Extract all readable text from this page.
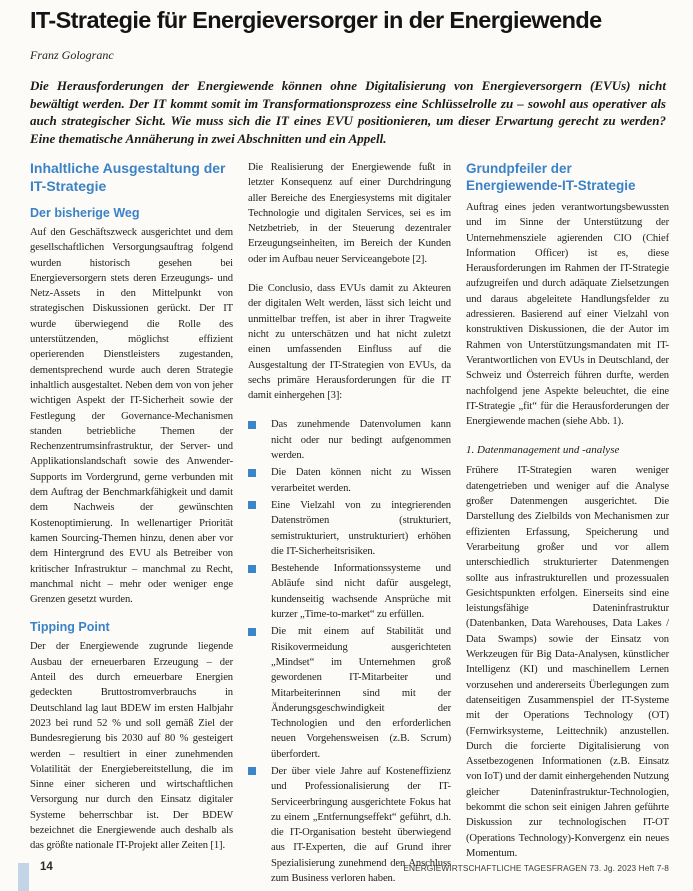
IT-Strategie für Energieversorger in der Energiewende
Franz Gologranc

Die Herausforderungen der Energiewende können ohne Digitalisierung von Energieversorgern (EVUs) nicht bewältigt werden. Der IT kommt somit im Transformationsprozess eine Schlüsselrolle zu – sowohl aus operativer als auch strategischer Sicht. Wie muss sich die IT eines EVU positionieren, um dieser Erwartung gerecht zu werden? Eine thematische Annäherung in zwei Abschnitten und ein Appell.

Inhaltliche Ausgestaltung der IT-Strategie
Der bisherige Weg

Auf den Geschäftszweck ausgerichtet und dem gesellschaftlichen Versorgungsauftrag folgend wurden historisch gesehen bei Energieversorgern stets deren Erzeugungs- und Netz-Assets in den Mittelpunkt von strategischen Diskussionen gerückt. Der IT wurde überwiegend die Rolle des unterstützenden, möglichst effizient operierenden Dienstleisters zugestanden, dementsprechend wurde auch deren Strategie inhaltlich ausgestaltet. Neben dem von von jeher wichtigen Aspekt der IT-Sicherheit sowie der Festlegung der Governance-Mechanismen standen betriebliche Themen der Rechenzentrumsinfrastruktur, der Server- und Applikationslandschaft sowie des Anwender-Supports im Vordergrund, gerne verbunden mit dem Auftrag der Benchmarkfähigkeit und damit dem Nachweis der gewünschten Kostenoptimierung. In wellenartiger Priorität kamen Sourcing-Themen hinzu, denen aber vor dem Hintergrund des EVU als Betreiber von kritischer Infrastruktur – manchmal zu Recht, manchmal nicht – mehr oder weniger enge Grenzen gesetzt wurden.

Tipping Point

Der der Energiewende zugrunde liegende Ausbau der erneuerbaren Erzeugung – der Anteil des durch erneuerbare Energien gedeckten Bruttostromverbrauchs in Deutschland lag laut BDEW im ersten Halbjahr 2023 bei rund 52 % und soll gemäß Ziel der Bundesregierung bis 2030 auf 80 % gesteigert werden – resultiert in einer zunehmenden Volatilität der Energiebereitstellung, die im Sinne einer sicheren und wirtschaftlichen Versorgung nur durch den Einsatz digitaler Systeme beherrschbar ist. Der BDEW bezeichnet die Energiewende auch deshalb als das größte nationale IT-Projekt aller Zeiten [1].

Die Realisierung der Energiewende fußt in letzter Konsequenz auf einer Durchdringung aller Bereiche des Energiesystems mit digitaler Technologie und digitalen Services, sei es im Netzbetrieb, in der Steuerung dezentraler Erzeugungseinheiten, im Bereich der Kunden oder im Aufbau neuer Serviceangebote [2].

Die Conclusio, dass EVUs damit zu Akteuren der digitalen Welt werden, lässt sich leicht und unmittelbar treffen, ist aber in ihrer Tragweite nicht zu unterschätzen und hat nicht zuletzt einen umfassenden Einfluss auf die Ausgestaltung der IT-Strategien von EVUs, da sechs primäre Herausforderungen für die IT damit einhergehen [3]:

Das zunehmende Datenvolumen kann nicht oder nur bedingt aufgenommen werden.
Die Daten können nicht zu Wissen verarbeitet werden.
Eine Vielzahl von zu integrierenden Datenströmen (strukturiert, semistrukturiert, unstrukturiert) erhöhen die IT-Sicherheitsrisiken.
Bestehende Informationssysteme und Abläufe sind nicht dafür ausgelegt, kundenseitig wachsende Ansprüche mit kurzer „Time-to-market“ zu erfüllen.
Die mit einem auf Stabilität und Risikovermeidung ausgerichteten „Mindset“ im Unternehmen groß gewordenen IT-Mitarbeiter und Mitarbeiterinnen sind mit der Änderungsgeschwindigkeit der Technologien und den erforderlichen neuen Vorgehensweisen (z.B. Scrum) überfordert.
Der über viele Jahre auf Kosteneffizienz und Professionalisierung der IT-Serviceerbringung ausgerichtete Fokus hat zu einem „Entfernungseffekt“ geführt, d.h. die IT-Organisation besteht überwiegend aus IT-Experten, die auf Grund ihrer Spezialisierung zunehmend den Anschluss zum Business verloren haben.
Grundpfeiler der Energiewende-IT-Strategie

Auftrag eines jeden verantwortungsbewussten und im Sinne der Unterstützung der Unternehmensziele agierenden CIO (Chief Information Officer) ist es, diese Herausforderungen im Rahmen der IT-Strategie aufzugreifen und durch adäquate Zielsetzungen und daraus abgeleitete Handlungsfelder zu adressieren. Basierend auf einer Vielzahl von konstruktiven Diskussionen, die der Autor im Rahmen von Unterstützungsmandaten mit IT-Verantwortlichen von EVUs in Deutschland, der Schweiz und Österreich führen durfte, werden nachfolgend jene Aspekte beleuchtet, die eine IT-Strategie „fit“ für die Herausforderungen der Energiewende machen (siehe Abb. 1).

1. Datenmanagement und -analyse

Frühere IT-Strategien waren weniger datengetrieben und weniger auf die Analyse großer Datenmengen ausgerichtet. Die Darstellung des Zielbilds von Mechanismen zur effizienten Erfassung, Speicherung und Verarbeitung großer und vor allem unterschiedlich strukturierter Datenmengen sollte aus infrastrukturellen und prozessualen Gesichtspunkten erfolgen. Einerseits sind eine leistungsfähige Dateninfrastruktur (Datenbanken, Data Warehouses, Data Lakes / Data Swamps) sowie der Einsatz von Werkzeugen für Big Data-Analysen, künstlicher Intelligenz (KI) und maschinellem Lernen vorzusehen und andererseits Überlegungen zum datenseitigen Zusammenspiel der IT-Systeme mit der Operations Technology (OT) (Fernwirksysteme, Leittechnik) anzustellen. Durch die forcierte Digitalisierung von Assetbezogenen Informationen (z.B. Einsatz von IoT) und der damit einhergehenden Nutzung gleicher Dateninfrastruktur-Technologien, bekommt die schon seit einigen Jahren geführte Diskussion zur technologischen IT-OT (Operations Technology)-Konvergenz ein neues Momentum.

14	ENERGIEWIRTSCHAFTLICHE TAGESFRAGEN 73. Jg. 2023 Heft 7-8
